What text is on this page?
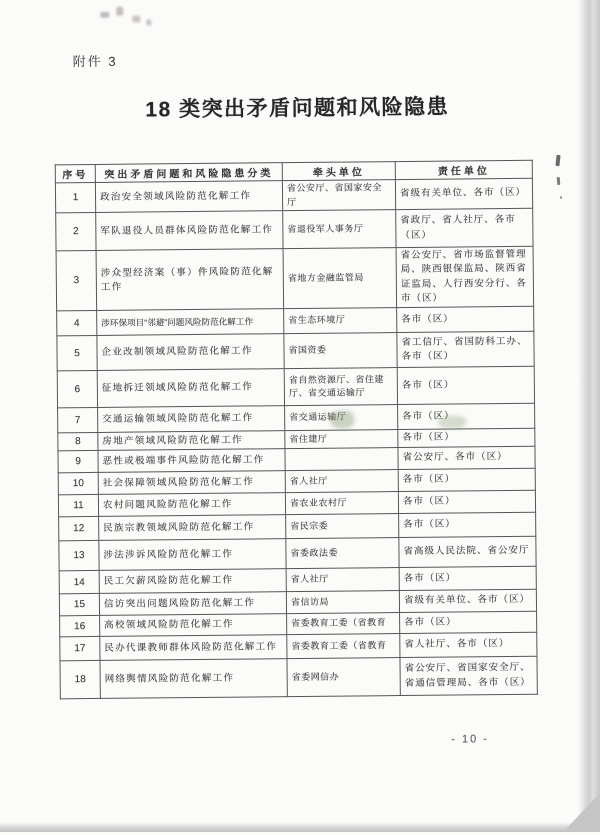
附件 3
18 类突出矛盾问题和风险隐患
序号	突出矛盾问题和风险隐患分类	牵头单位	责任单位
1	政治安全领域风险防范化解工作	省公安厅、省国家安全厅	省级有关单位、各市（区）
2	军队退役人员群体风险防范化解工作	省退役军人事务厅	省政厅、省人社厅、各市（区）
3	涉众型经济案（事）件风险防范化解工作	省地方金融监管局	省公安厅、省市场监督管理局、陕西银保监局、陕西省证监局、人行西安分行、各市（区）
4	涉环保项目“邻避”问题风险防范化解工作	省生态环境厅	各市（区）
5	企业改制领域风险防范化解工作	省国资委	省工信厅、省国防科工办、各市（区）
6	征地拆迁领域风险防范化解工作	省自然资源厅、省住建厅、省交通运输厅	各市（区）
7	交通运输领域风险防范化解工作	省交通运输厅	各市（区）
8	房地产领域风险防范化解工作	省住建厅	各市（区）
9	恶性或极端事件风险防范化解工作		省公安厅、各市（区）
10	社会保障领域风险防范化解工作	省人社厅	各市（区）
11	农村问题风险防范化解工作	省农业农村厅	各市（区）
12	民族宗教领域风险防范化解工作	省民宗委	各市（区）
13	涉法涉诉风险防范化解工作	省委政法委	省高级人民法院、省公安厅
14	民工欠薪风险防范化解工作	省人社厅	各市（区）
15	信访突出问题风险防范化解工作	省信访局	省级有关单位、各市（区）
16	高校领域风险防范化解工作	省委教育工委（省教育	各市（区）
17	民办代课教师群体风险防范化解工作	省委教育工委（省教育	省人社厅、各市（区）
18	网络舆情风险防范化解工作	省委网信办	省公安厅、省国家安全厅、省通信管理局、各市（区）
- 10 -
